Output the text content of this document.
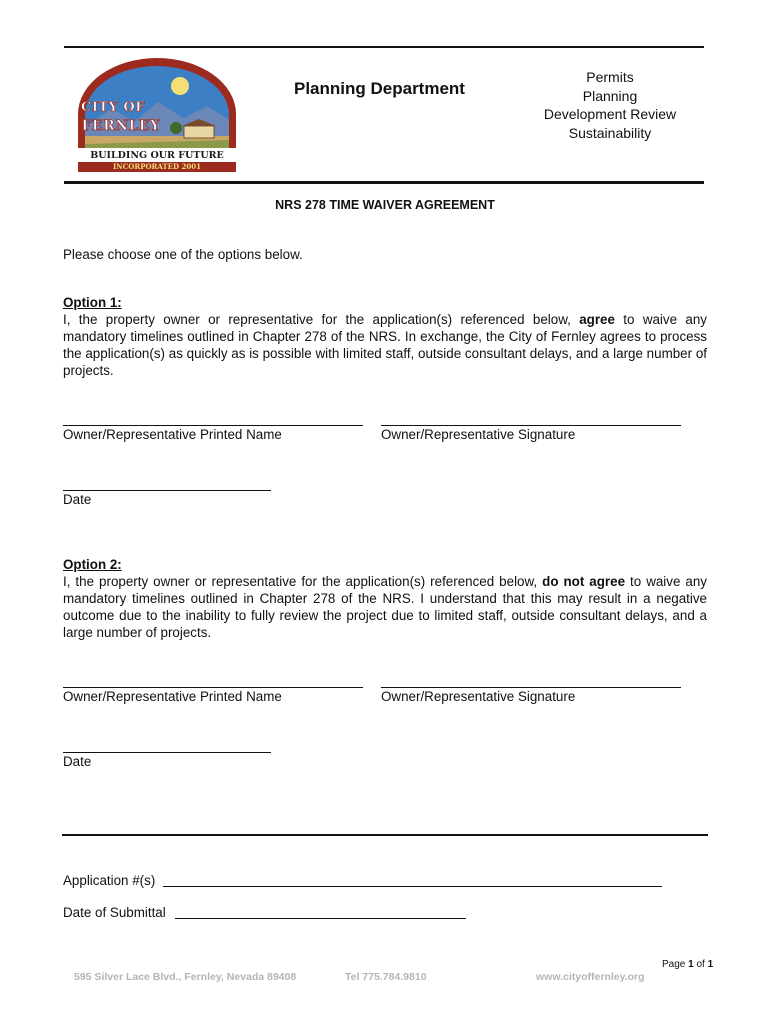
CITY OF
FERNLEY
BUILDING OUR FUTURE
INCORPORATED 2001
Planning Department
Permits
Planning
Development Review
Sustainability
NRS 278 TIME WAIVER AGREEMENT
Please choose one of the options below.
Option 1:
I, the property owner or representative for the application(s) referenced below, agree to waive any mandatory timelines outlined in Chapter 278 of the NRS. In exchange, the City of Fernley agrees to process the application(s) as quickly as is possible with limited staff, outside consultant delays, and a large number of projects.
Owner/Representative Printed Name	Owner/Representative Signature
Date
Option 2:
I, the property owner or representative for the application(s) referenced below, do not agree to waive any mandatory timelines outlined in Chapter 278 of the NRS. I understand that this may result in a negative outcome due to the inability to fully review the project due to limited staff, outside consultant delays, and a large number of projects.
Owner/Representative Printed Name	Owner/Representative Signature
Date
Application #(s)
Date of Submittal
Page 1 of 1
595 Silver Lace Blvd., Fernley, Nevada 89408	Tel 775.784.9810	www.cityoffernley.org
